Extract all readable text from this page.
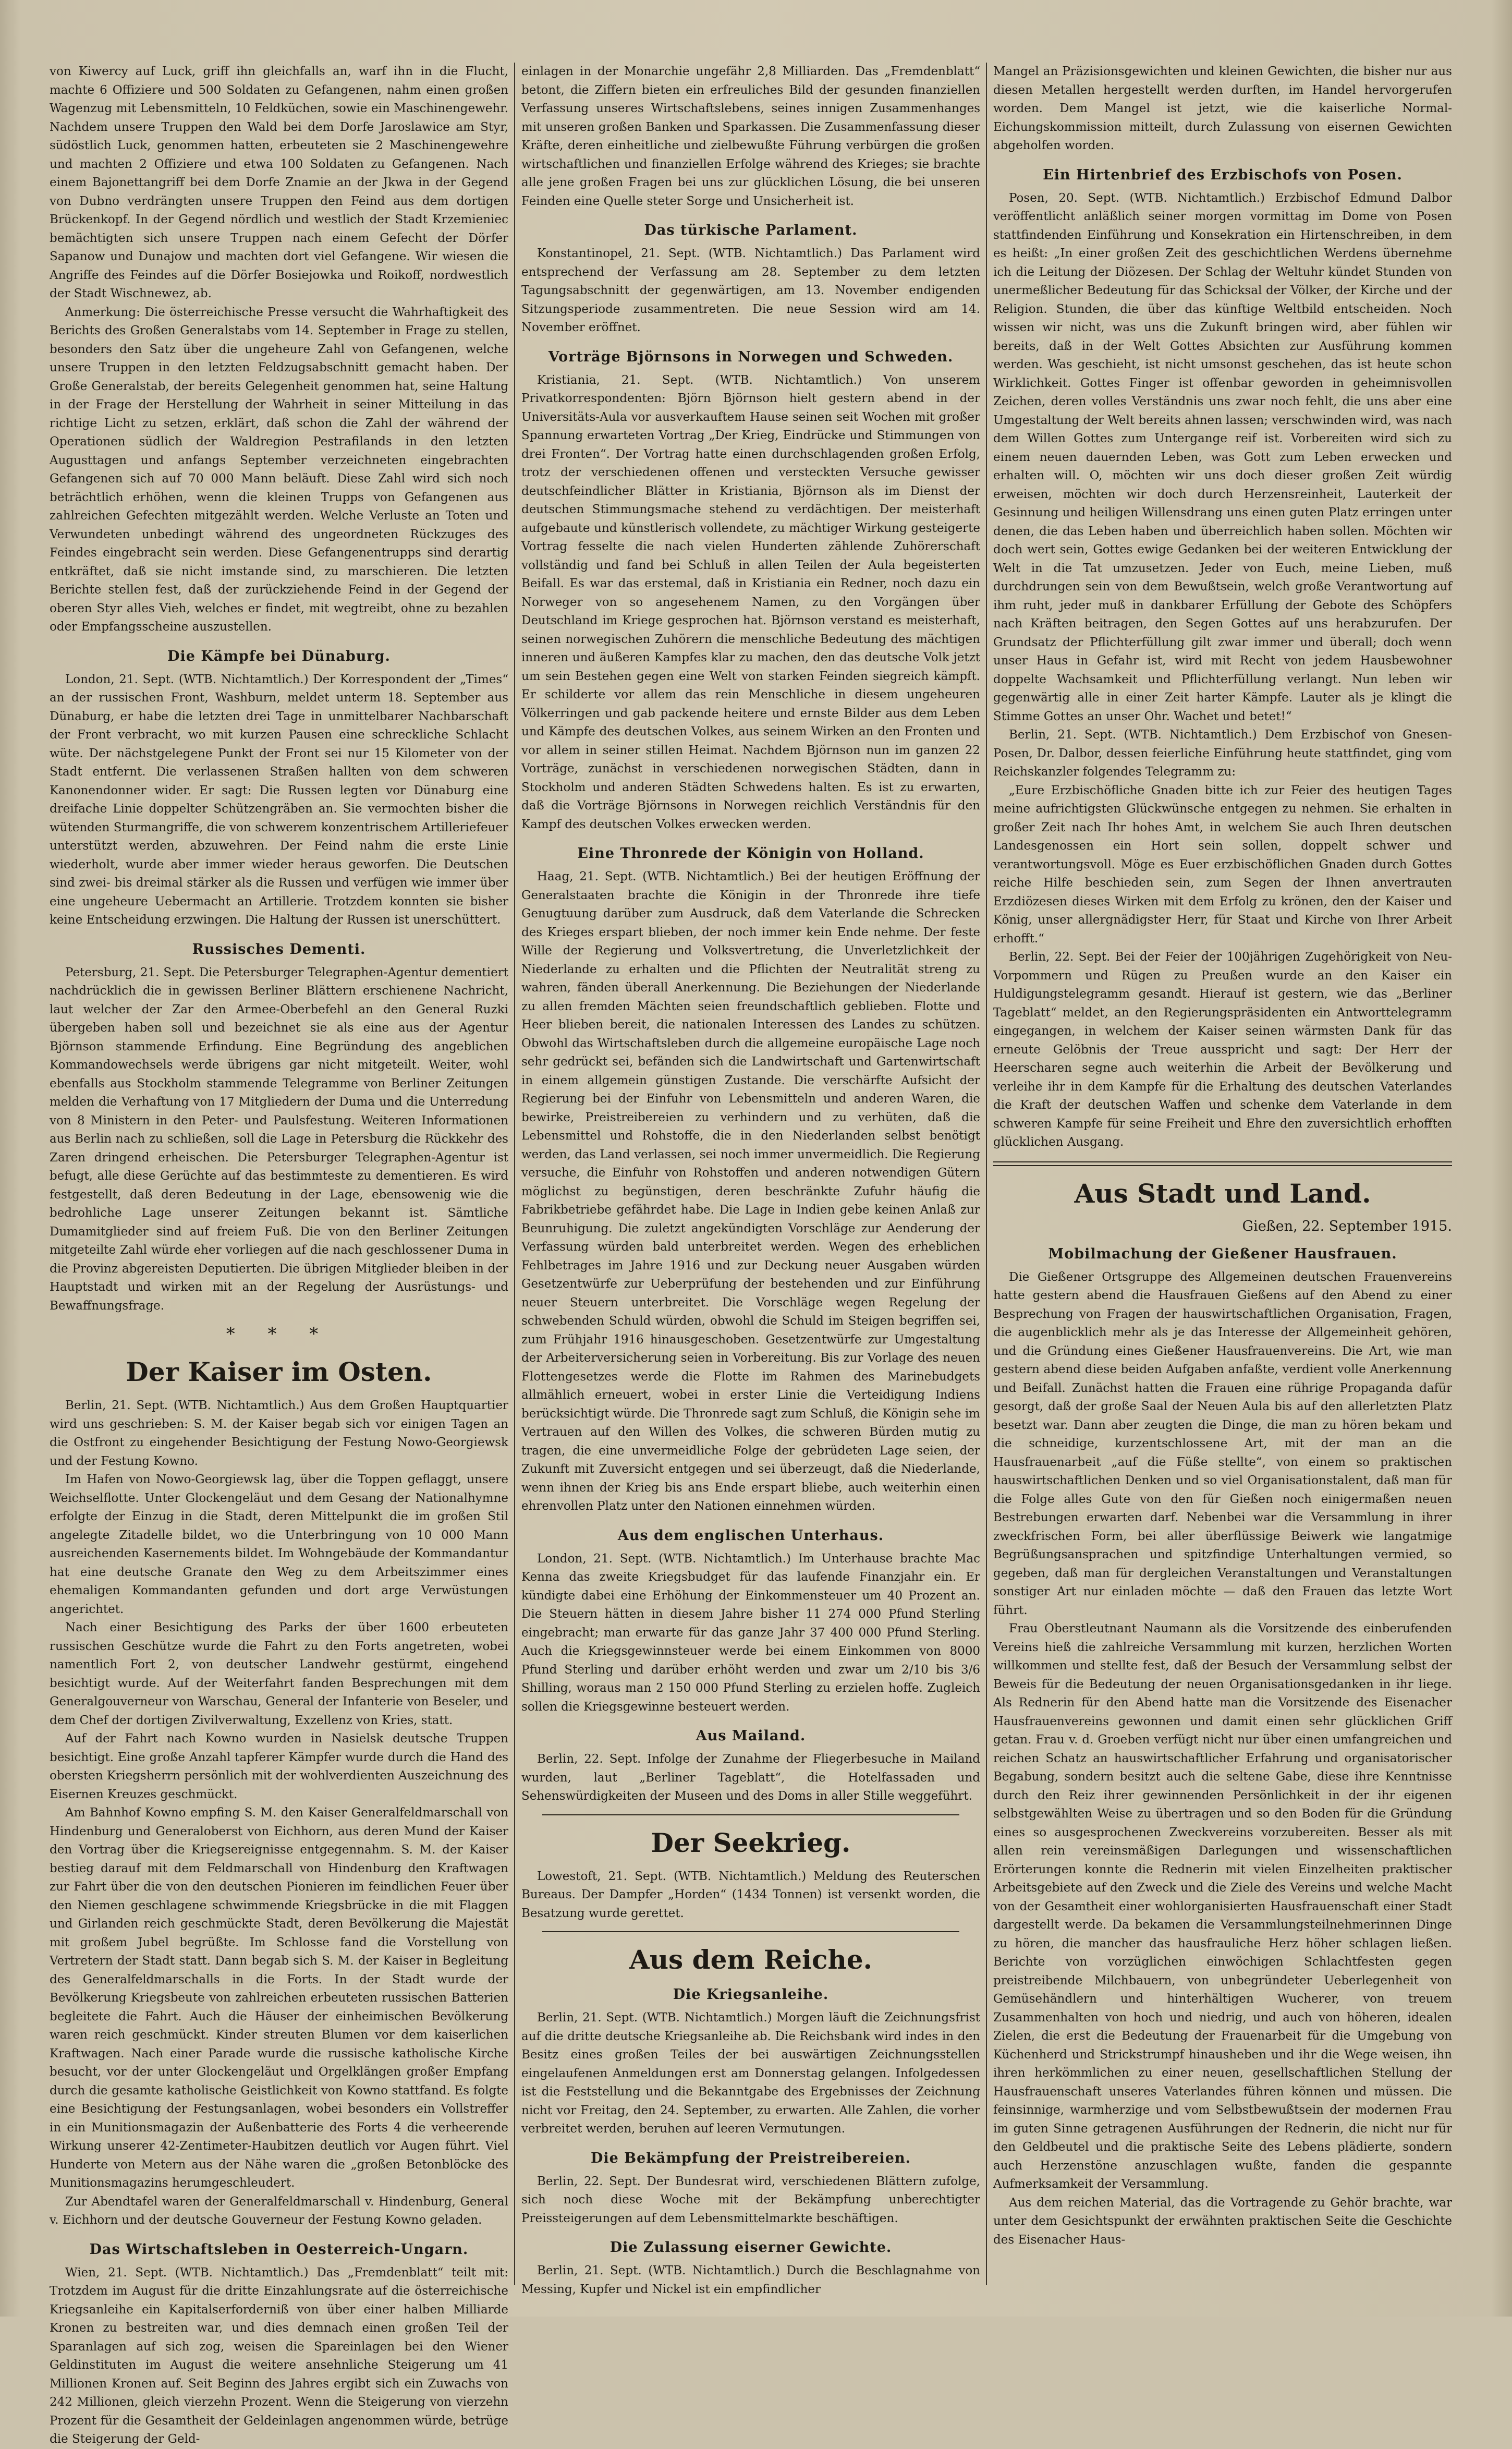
von Kiwercy auf Luck, griff ihn gleichfalls an, warf ihn in die Flucht, machte 6 Offiziere und 500 Soldaten zu Gefangenen, nahm einen großen Wagenzug mit Lebensmitteln, 10 Feldküchen, sowie ein Maschinengewehr. Nachdem unsere Truppen den Wald bei dem Dorfe Jaroslawice am Styr, südöstlich Luck, genommen hatten, erbeuteten sie 2 Maschinengewehre und machten 2 Offiziere und etwa 100 Soldaten zu Gefangenen. Nach einem Bajonettangriff bei dem Dorfe Znamie an der Jkwa in der Gegend von Dubno verdrängten unsere Truppen den Feind aus dem dortigen Brückenkopf. In der Gegend nördlich und westlich der Stadt Krzemieniec bemächtigten sich unsere Truppen nach einem Gefecht der Dörfer Sapanow und Dunajow und machten dort viel Gefangene. Wir wiesen die Angriffe des Feindes auf die Dörfer Bosiejowka und Roikoff, nordwestlich der Stadt Wischnewez, ab.

Anmerkung: Die österreichische Presse versucht die Wahrhaftigkeit des Berichts des Großen Generalstabs vom 14. September in Frage zu stellen, besonders den Satz über die ungeheure Zahl von Gefangenen, welche unsere Truppen in den letzten Feldzugsabschnitt gemacht haben. Der Große Generalstab, der bereits Gelegenheit genommen hat, seine Haltung in der Frage der Herstellung der Wahrheit in seiner Mitteilung in das richtige Licht zu setzen, erklärt, daß schon die Zahl der während der Operationen südlich der Waldregion Pestrafilands in den letzten Augusttagen und anfangs September verzeichneten eingebrachten Gefangenen sich auf 70 000 Mann beläuft. Diese Zahl wird sich noch beträchtlich erhöhen, wenn die kleinen Trupps von Gefangenen aus zahlreichen Gefechten mitgezählt werden. Welche Verluste an Toten und Verwundeten unbedingt während des ungeordneten Rückzuges des Feindes eingebracht sein werden. Diese Gefangenentrupps sind derartig entkräftet, daß sie nicht imstande sind, zu marschieren. Die letzten Berichte stellen fest, daß der zurückziehende Feind in der Gegend der oberen Styr alles Vieh, welches er findet, mit wegtreibt, ohne zu bezahlen oder Empfangsscheine auszustellen.

Die Kämpfe bei Dünaburg.

London, 21. Sept. (WTB. Nichtamtlich.) Der Korrespondent der „Times“ an der russischen Front, Washburn, meldet unterm 18. September aus Dünaburg, er habe die letzten drei Tage in unmittelbarer Nachbarschaft der Front verbracht, wo mit kurzen Pausen eine schreckliche Schlacht wüte. Der nächstgelegene Punkt der Front sei nur 15 Kilometer von der Stadt entfernt. Die verlassenen Straßen hallten von dem schweren Kanonendonner wider. Er sagt: Die Russen legten vor Dünaburg eine dreifache Linie doppelter Schützengräben an. Sie vermochten bisher die wütenden Sturmangriffe, die von schwerem konzentrischem Artilleriefeuer unterstützt werden, abzuwehren. Der Feind nahm die erste Linie wiederholt, wurde aber immer wieder heraus geworfen. Die Deutschen sind zwei- bis dreimal stärker als die Russen und verfügen wie immer über eine ungeheure Uebermacht an Artillerie. Trotzdem konnten sie bisher keine Entscheidung erzwingen. Die Haltung der Russen ist unerschüttert.

Russisches Dementi.

Petersburg, 21. Sept. Die Petersburger Telegraphen-Agentur dementiert nachdrücklich die in gewissen Berliner Blättern erschienene Nachricht, laut welcher der Zar den Armee-Oberbefehl an den General Ruzki übergeben haben soll und bezeichnet sie als eine aus der Agentur Björnson stammende Erfindung. Eine Begründung des angeblichen Kommandowechsels werde übrigens gar nicht mitgeteilt. Weiter, wohl ebenfalls aus Stockholm stammende Telegramme von Berliner Zeitungen melden die Verhaftung von 17 Mitgliedern der Duma und die Unterredung von 8 Ministern in den Peter- und Paulsfestung. Weiteren Informationen aus Berlin nach zu schließen, soll die Lage in Petersburg die Rückkehr des Zaren dringend erheischen. Die Petersburger Telegraphen-Agentur ist befugt, alle diese Gerüchte auf das bestimmteste zu dementieren. Es wird festgestellt, daß deren Bedeutung in der Lage, ebensowenig wie die bedrohliche Lage unserer Zeitungen bekannt ist. Sämtliche Dumamitglieder sind auf freiem Fuß. Die von den Berliner Zeitungen mitgeteilte Zahl würde eher vorliegen auf die nach geschlossener Duma in die Provinz abgereisten Deputierten. Die übrigen Mitglieder bleiben in der Hauptstadt und wirken mit an der Regelung der Ausrüstungs- und Bewaffnungsfrage.

* * *
Der Kaiser im Osten.

Berlin, 21. Sept. (WTB. Nichtamtlich.) Aus dem Großen Hauptquartier wird uns geschrieben: S. M. der Kaiser begab sich vor einigen Tagen an die Ostfront zu eingehender Besichtigung der Festung Nowo-Georgiewsk und der Festung Kowno.

Im Hafen von Nowo-Georgiewsk lag, über die Toppen geflaggt, unsere Weichselflotte. Unter Glockengeläut und dem Gesang der Nationalhymne erfolgte der Einzug in die Stadt, deren Mittelpunkt die im großen Stil angelegte Zitadelle bildet, wo die Unterbringung von 10 000 Mann ausreichenden Kasernements bildet. Im Wohngebäude der Kommandantur hat eine deutsche Granate den Weg zu dem Arbeitszimmer eines ehemaligen Kommandanten gefunden und dort arge Verwüstungen angerichtet.

Nach einer Besichtigung des Parks der über 1600 erbeuteten russischen Geschütze wurde die Fahrt zu den Forts angetreten, wobei namentlich Fort 2, von deutscher Landwehr gestürmt, eingehend besichtigt wurde. Auf der Weiterfahrt fanden Besprechungen mit dem Generalgouverneur von Warschau, General der Infanterie von Beseler, und dem Chef der dortigen Zivilverwaltung, Exzellenz von Kries, statt.

Auf der Fahrt nach Kowno wurden in Nasielsk deutsche Truppen besichtigt. Eine große Anzahl tapferer Kämpfer wurde durch die Hand des obersten Kriegsherrn persönlich mit der wohlverdienten Auszeichnung des Eisernen Kreuzes geschmückt.

Am Bahnhof Kowno empfing S. M. den Kaiser Generalfeldmarschall von Hindenburg und Generaloberst von Eichhorn, aus deren Mund der Kaiser den Vortrag über die Kriegsereignisse entgegennahm. S. M. der Kaiser bestieg darauf mit dem Feldmarschall von Hindenburg den Kraftwagen zur Fahrt über die von den deutschen Pionieren im feindlichen Feuer über den Niemen geschlagene schwimmende Kriegsbrücke in die mit Flaggen und Girlanden reich geschmückte Stadt, deren Bevölkerung die Majestät mit großem Jubel begrüßte. Im Schlosse fand die Vorstellung von Vertretern der Stadt statt. Dann begab sich S. M. der Kaiser in Begleitung des Generalfeldmarschalls in die Forts. In der Stadt wurde der Bevölkerung Kriegsbeute von zahlreichen erbeuteten russischen Batterien begleitete die Fahrt. Auch die Häuser der einheimischen Bevölkerung waren reich geschmückt. Kinder streuten Blumen vor dem kaiserlichen Kraftwagen. Nach einer Parade wurde die russische katholische Kirche besucht, vor der unter Glockengeläut und Orgelklängen großer Empfang durch die gesamte katholische Geistlichkeit von Kowno stattfand. Es folgte eine Besichtigung der Festungsanlagen, wobei besonders ein Vollstreffer in ein Munitionsmagazin der Außenbatterie des Forts 4 die verheerende Wirkung unserer 42-Zentimeter-Haubitzen deutlich vor Augen führt. Viel Hunderte von Metern aus der Nähe waren die „großen Betonblöcke des Munitionsmagazins herumgeschleudert.

Zur Abendtafel waren der Generalfeldmarschall v. Hindenburg, General v. Eichhorn und der deutsche Gouverneur der Festung Kowno geladen.

Das Wirtschaftsleben in Oesterreich-Ungarn.

Wien, 21. Sept. (WTB. Nichtamtlich.) Das „Fremdenblatt“ teilt mit: Trotzdem im August für die dritte Einzahlungsrate auf die österreichische Kriegsanleihe ein Kapitalserforderniß von über einer halben Milliarde Kronen zu bestreiten war, und dies demnach einen großen Teil der Sparanlagen auf sich zog, weisen die Spareinlagen bei den Wiener Geldinstituten im August die weitere ansehnliche Steigerung um 41 Millionen Kronen auf. Seit Beginn des Jahres ergibt sich ein Zuwachs von 242 Millionen, gleich vierzehn Prozent. Wenn die Steigerung von vierzehn Prozent für die Gesamtheit der Geldeinlagen angenommen würde, betrüge die Steigerung der Geld-

einlagen in der Monarchie ungefähr 2,8 Milliarden. Das „Fremdenblatt“ betont, die Ziffern bieten ein erfreuliches Bild der gesunden finanziellen Verfassung unseres Wirtschaftslebens, seines innigen Zusammenhanges mit unseren großen Banken und Sparkassen. Die Zusammenfassung dieser Kräfte, deren einheitliche und zielbewußte Führung verbürgen die großen wirtschaftlichen und finanziellen Erfolge während des Krieges; sie brachte alle jene großen Fragen bei uns zur glücklichen Lösung, die bei unseren Feinden eine Quelle steter Sorge und Unsicherheit ist.

Das türkische Parlament.

Konstantinopel, 21. Sept. (WTB. Nichtamtlich.) Das Parlament wird entsprechend der Verfassung am 28. September zu dem letzten Tagungsabschnitt der gegenwärtigen, am 13. November endigenden Sitzungsperiode zusammentreten. Die neue Session wird am 14. November eröffnet.

Vorträge Björnsons in Norwegen und Schweden.

Kristiania, 21. Sept. (WTB. Nichtamtlich.) Von unserem Privatkorrespondenten: Björn Björnson hielt gestern abend in der Universitäts-Aula vor ausverkauftem Hause seinen seit Wochen mit großer Spannung erwarteten Vortrag „Der Krieg, Eindrücke und Stimmungen von drei Fronten“. Der Vortrag hatte einen durchschlagenden großen Erfolg, trotz der verschiedenen offenen und versteckten Versuche gewisser deutschfeindlicher Blätter in Kristiania, Björnson als im Dienst der deutschen Stimmungsmache stehend zu verdächtigen. Der meisterhaft aufgebaute und künstlerisch vollendete, zu mächtiger Wirkung gesteigerte Vortrag fesselte die nach vielen Hunderten zählende Zuhörerschaft vollständig und fand bei Schluß in allen Teilen der Aula begeisterten Beifall. Es war das erstemal, daß in Kristiania ein Redner, noch dazu ein Norweger von so angesehenem Namen, zu den Vorgängen über Deutschland im Kriege gesprochen hat. Björnson verstand es meisterhaft, seinen norwegischen Zuhörern die menschliche Bedeutung des mächtigen inneren und äußeren Kampfes klar zu machen, den das deutsche Volk jetzt um sein Bestehen gegen eine Welt von starken Feinden siegreich kämpft. Er schilderte vor allem das rein Menschliche in diesem ungeheuren Völkerringen und gab packende heitere und ernste Bilder aus dem Leben und Kämpfe des deutschen Volkes, aus seinem Wirken an den Fronten und vor allem in seiner stillen Heimat. Nachdem Björnson nun im ganzen 22 Vorträge, zunächst in verschiedenen norwegischen Städten, dann in Stockholm und anderen Städten Schwedens halten. Es ist zu erwarten, daß die Vorträge Björnsons in Norwegen reichlich Verständnis für den Kampf des deutschen Volkes erwecken werden.

Eine Thronrede der Königin von Holland.

Haag, 21. Sept. (WTB. Nichtamtlich.) Bei der heutigen Eröffnung der Generalstaaten brachte die Königin in der Thronrede ihre tiefe Genugtuung darüber zum Ausdruck, daß dem Vaterlande die Schrecken des Krieges erspart blieben, der noch immer kein Ende nehme. Der feste Wille der Regierung und Volksvertretung, die Unverletzlichkeit der Niederlande zu erhalten und die Pflichten der Neutralität streng zu wahren, fänden überall Anerkennung. Die Beziehungen der Niederlande zu allen fremden Mächten seien freundschaftlich geblieben. Flotte und Heer blieben bereit, die nationalen Interessen des Landes zu schützen. Obwohl das Wirtschaftsleben durch die allgemeine europäische Lage noch sehr gedrückt sei, befänden sich die Landwirtschaft und Gartenwirtschaft in einem allgemein günstigen Zustande. Die verschärfte Aufsicht der Regierung bei der Einfuhr von Lebensmitteln und anderen Waren, die bewirke, Preistreibereien zu verhindern und zu verhüten, daß die Lebensmittel und Rohstoffe, die in den Niederlanden selbst benötigt werden, das Land verlassen, sei noch immer unvermeidlich. Die Regierung versuche, die Einfuhr von Rohstoffen und anderen notwendigen Gütern möglichst zu begünstigen, deren beschränkte Zufuhr häufig die Fabrikbetriebe gefährdet habe. Die Lage in Indien gebe keinen Anlaß zur Beunruhigung. Die zuletzt angekündigten Vorschläge zur Aenderung der Verfassung würden bald unterbreitet werden. Wegen des erheblichen Fehlbetrages im Jahre 1916 und zur Deckung neuer Ausgaben würden Gesetzentwürfe zur Ueberprüfung der bestehenden und zur Einführung neuer Steuern unterbreitet. Die Vorschläge wegen Regelung der schwebenden Schuld würden, obwohl die Schuld im Steigen begriffen sei, zum Frühjahr 1916 hinausgeschoben. Gesetzentwürfe zur Umgestaltung der Arbeiterversicherung seien in Vorbereitung. Bis zur Vorlage des neuen Flottengesetzes werde die Flotte im Rahmen des Marinebudgets allmählich erneuert, wobei in erster Linie die Verteidigung Indiens berücksichtigt würde. Die Thronrede sagt zum Schluß, die Königin sehe im Vertrauen auf den Willen des Volkes, die schweren Bürden mutig zu tragen, die eine unvermeidliche Folge der gebrüdeten Lage seien, der Zukunft mit Zuversicht entgegen und sei überzeugt, daß die Niederlande, wenn ihnen der Krieg bis ans Ende erspart bliebe, auch weiterhin einen ehrenvollen Platz unter den Nationen einnehmen würden.

Aus dem englischen Unterhaus.

London, 21. Sept. (WTB. Nichtamtlich.) Im Unterhause brachte Mac Kenna das zweite Kriegsbudget für das laufende Finanzjahr ein. Er kündigte dabei eine Erhöhung der Einkommensteuer um 40 Prozent an. Die Steuern hätten in diesem Jahre bisher 11 274 000 Pfund Sterling eingebracht; man erwarte für das ganze Jahr 37 400 000 Pfund Sterling. Auch die Kriegsgewinnsteuer werde bei einem Einkommen von 8000 Pfund Sterling und darüber erhöht werden und zwar um 2/10 bis 3/6 Shilling, woraus man 2 150 000 Pfund Sterling zu erzielen hoffe. Zugleich sollen die Kriegsgewinne besteuert werden.

Aus Mailand.

Berlin, 22. Sept. Infolge der Zunahme der Fliegerbesuche in Mailand wurden, laut „Berliner Tageblatt“, die Hotelfassaden und Sehenswürdigkeiten der Museen und des Doms in aller Stille weggeführt.

Der Seekrieg.

Lowestoft, 21. Sept. (WTB. Nichtamtlich.) Meldung des Reuterschen Bureaus. Der Dampfer „Horden“ (1434 Tonnen) ist versenkt worden, die Besatzung wurde gerettet.

Aus dem Reiche.
Die Kriegsanleihe.

Berlin, 21. Sept. (WTB. Nichtamtlich.) Morgen läuft die Zeichnungsfrist auf die dritte deutsche Kriegsanleihe ab. Die Reichsbank wird indes in den Besitz eines großen Teiles der bei auswärtigen Zeichnungsstellen eingelaufenen Anmeldungen erst am Donnerstag gelangen. Infolgedessen ist die Feststellung und die Bekanntgabe des Ergebnisses der Zeichnung nicht vor Freitag, den 24. September, zu erwarten. Alle Zahlen, die vorher verbreitet werden, beruhen auf leeren Vermutungen.

Die Bekämpfung der Preistreibereien.

Berlin, 22. Sept. Der Bundesrat wird, verschiedenen Blättern zufolge, sich noch diese Woche mit der Bekämpfung unberechtigter Preissteigerungen auf dem Lebensmittelmarkte beschäftigen.

Die Zulassung eiserner Gewichte.

Berlin, 21. Sept. (WTB. Nichtamtlich.) Durch die Beschlagnahme von Messing, Kupfer und Nickel ist ein empfindlicher

Mangel an Präzisionsgewichten und kleinen Gewichten, die bisher nur aus diesen Metallen hergestellt werden durften, im Handel hervorgerufen worden. Dem Mangel ist jetzt, wie die kaiserliche Normal-Eichungskommission mitteilt, durch Zulassung von eisernen Gewichten abgeholfen worden.

Ein Hirtenbrief des Erzbischofs von Posen.

Posen, 20. Sept. (WTB. Nichtamtlich.) Erzbischof Edmund Dalbor veröffentlicht anläßlich seiner morgen vormittag im Dome von Posen stattfindenden Einführung und Konsekration ein Hirtenschreiben, in dem es heißt: „In einer großen Zeit des geschichtlichen Werdens übernehme ich die Leitung der Diözesen. Der Schlag der Weltuhr kündet Stunden von unermeßlicher Bedeutung für das Schicksal der Völker, der Kirche und der Religion. Stunden, die über das künftige Weltbild entscheiden. Noch wissen wir nicht, was uns die Zukunft bringen wird, aber fühlen wir bereits, daß in der Welt Gottes Absichten zur Ausführung kommen werden. Was geschieht, ist nicht umsonst geschehen, das ist heute schon Wirklichkeit. Gottes Finger ist offenbar geworden in geheimnisvollen Zeichen, deren volles Verständnis uns zwar noch fehlt, die uns aber eine Umgestaltung der Welt bereits ahnen lassen; verschwinden wird, was nach dem Willen Gottes zum Untergange reif ist. Vorbereiten wird sich zu einem neuen dauernden Leben, was Gott zum Leben erwecken und erhalten will. O, möchten wir uns doch dieser großen Zeit würdig erweisen, möchten wir doch durch Herzensreinheit, Lauterkeit der Gesinnung und heiligen Willensdrang uns einen guten Platz erringen unter denen, die das Leben haben und überreichlich haben sollen. Möchten wir doch wert sein, Gottes ewige Gedanken bei der weiteren Entwicklung der Welt in die Tat umzusetzen. Jeder von Euch, meine Lieben, muß durchdrungen sein von dem Bewußtsein, welch große Verantwortung auf ihm ruht, jeder muß in dankbarer Erfüllung der Gebote des Schöpfers nach Kräften beitragen, den Segen Gottes auf uns herabzurufen. Der Grundsatz der Pflichterfüllung gilt zwar immer und überall; doch wenn unser Haus in Gefahr ist, wird mit Recht von jedem Hausbewohner doppelte Wachsamkeit und Pflichterfüllung verlangt. Nun leben wir gegenwärtig alle in einer Zeit harter Kämpfe. Lauter als je klingt die Stimme Gottes an unser Ohr. Wachet und betet!“

Berlin, 21. Sept. (WTB. Nichtamtlich.) Dem Erzbischof von Gnesen-Posen, Dr. Dalbor, dessen feierliche Einführung heute stattfindet, ging vom Reichskanzler folgendes Telegramm zu:

„Eure Erzbischöfliche Gnaden bitte ich zur Feier des heutigen Tages meine aufrichtigsten Glückwünsche entgegen zu nehmen. Sie erhalten in großer Zeit nach Ihr hohes Amt, in welchem Sie auch Ihren deutschen Landesgenossen ein Hort sein sollen, doppelt schwer und verantwortungsvoll. Möge es Euer erzbischöflichen Gnaden durch Gottes reiche Hilfe beschieden sein, zum Segen der Ihnen anvertrauten Erzdiözesen dieses Wirken mit dem Erfolg zu krönen, den der Kaiser und König, unser allergnädigster Herr, für Staat und Kirche von Ihrer Arbeit erhofft.“

Berlin, 22. Sept. Bei der Feier der 100jährigen Zugehörigkeit von Neu-Vorpommern und Rügen zu Preußen wurde an den Kaiser ein Huldigungstelegramm gesandt. Hierauf ist gestern, wie das „Berliner Tageblatt“ meldet, an den Regierungspräsidenten ein Antworttelegramm eingegangen, in welchem der Kaiser seinen wärmsten Dank für das erneute Gelöbnis der Treue ausspricht und sagt: Der Herr der Heerscharen segne auch weiterhin die Arbeit der Bevölkerung und verleihe ihr in dem Kampfe für die Erhaltung des deutschen Vaterlandes die Kraft der deutschen Waffen und schenke dem Vaterlande in dem schweren Kampfe für seine Freiheit und Ehre den zuversichtlich erhofften glücklichen Ausgang.

Aus Stadt und Land.
Gießen, 22. September 1915.
Mobilmachung der Gießener Hausfrauen.

Die Gießener Ortsgruppe des Allgemeinen deutschen Frauenvereins hatte gestern abend die Hausfrauen Gießens auf den Abend zu einer Besprechung von Fragen der hauswirtschaftlichen Organisation, Fragen, die augenblicklich mehr als je das Interesse der Allgemeinheit gehören, und die Gründung eines Gießener Hausfrauenvereins. Die Art, wie man gestern abend diese beiden Aufgaben anfaßte, verdient volle Anerkennung und Beifall. Zunächst hatten die Frauen eine rührige Propaganda dafür gesorgt, daß der große Saal der Neuen Aula bis auf den allerletzten Platz besetzt war. Dann aber zeugten die Dinge, die man zu hören bekam und die schneidige, kurzentschlossene Art, mit der man an die Hausfrauenarbeit „auf die Füße stellte“, von einem so praktischen hauswirtschaftlichen Denken und so viel Organisationstalent, daß man für die Folge alles Gute von den für Gießen noch einigermaßen neuen Bestrebungen erwarten darf. Nebenbei war die Versammlung in ihrer zweckfrischen Form, bei aller überflüssige Beiwerk wie langatmige Begrüßungsansprachen und spitzfindige Unterhaltungen vermied, so gegeben, daß man für dergleichen Veranstaltungen und Veranstaltungen sonstiger Art nur einladen möchte — daß den Frauen das letzte Wort führt.

Frau Oberstleutnant Naumann als die Vorsitzende des einberufenden Vereins hieß die zahlreiche Versammlung mit kurzen, herzlichen Worten willkommen und stellte fest, daß der Besuch der Versammlung selbst der Beweis für die Bedeutung der neuen Organisationsgedanken in ihr liege. Als Rednerin für den Abend hatte man die Vorsitzende des Eisenacher Hausfrauenvereins gewonnen und damit einen sehr glücklichen Griff getan. Frau v. d. Groeben verfügt nicht nur über einen umfangreichen und reichen Schatz an hauswirtschaftlicher Erfahrung und organisatorischer Begabung, sondern besitzt auch die seltene Gabe, diese ihre Kenntnisse durch den Reiz ihrer gewinnenden Persönlichkeit in der ihr eigenen selbstgewählten Weise zu übertragen und so den Boden für die Gründung eines so ausgesprochenen Zweckvereins vorzubereiten. Besser als mit allen rein vereinsmäßigen Darlegungen und wissenschaftlichen Erörterungen konnte die Rednerin mit vielen Einzelheiten praktischer Arbeitsgebiete auf den Zweck und die Ziele des Vereins und welche Macht von der Gesamtheit einer wohlorganisierten Hausfrauenschaft einer Stadt dargestellt werde. Da bekamen die Versammlungsteilnehmerinnen Dinge zu hören, die mancher das hausfrauliche Herz höher schlagen ließen. Berichte von vorzüglichen einwöchigen Schlachtfesten gegen preistreibende Milchbauern, von unbegründeter Ueberlegenheit von Gemüsehändlern und hinterhältigen Wucherer, von treuem Zusammenhalten von hoch und niedrig, und auch von höheren, idealen Zielen, die erst die Bedeutung der Frauenarbeit für die Umgebung von Küchenherd und Strickstrumpf hinausheben und ihr die Wege weisen, ihn ihren herkömmlichen zu einer neuen, gesellschaftlichen Stellung der Hausfrauenschaft unseres Vaterlandes führen können und müssen. Die feinsinnige, warmherzige und vom Selbstbewußtsein der modernen Frau im guten Sinne getragenen Ausführungen der Rednerin, die nicht nur für den Geldbeutel und die praktische Seite des Lebens plädierte, sondern auch Herzenstöne anzuschlagen wußte, fanden die gespannte Aufmerksamkeit der Versammlung.

Aus dem reichen Material, das die Vortragende zu Gehör brachte, war unter dem Gesichtspunkt der erwähnten praktischen Seite die Geschichte des Eisenacher Haus-
